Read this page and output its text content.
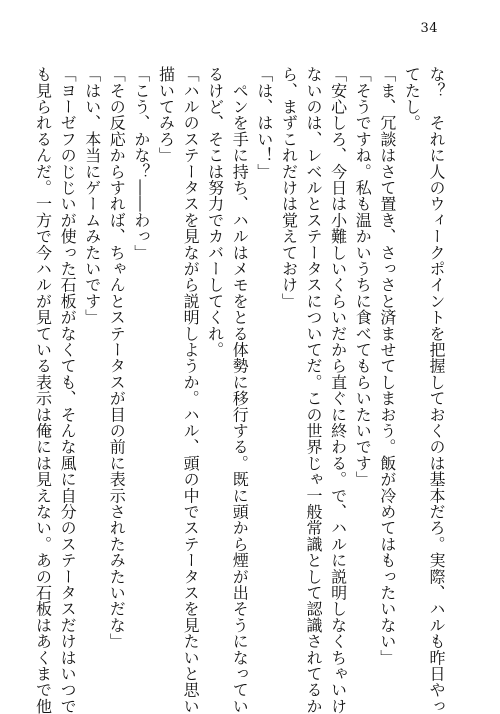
34
な？　それに人のウィークポイントを把握しておくのは基本だろ。実際、ハルも昨日やっ
てたし。
「ま、冗談はさて置き、さっさと済ませてしまおう。飯が冷めてはもったいない」
「そうですね。私も温かいうちに食べてもらいたいです」
「安心しろ、今日は小難しいくらいだから直ぐに終わる。で、ハルに説明しなくちゃいけ
ないのは、レベルとステータスについてだ。この世界じゃ一般常識として認識されてるか
ら、まずこれだけは覚えておけ」
「は、はい！」
　ペンを手に持ち、ハルはメモをとる体勢に移行する。既に頭から煙が出そうになってい
るけど、そこは努力でカバーしてくれ。
「ハルのステータスを見ながら説明しようか。ハル、頭の中でステータスを見たいと思い
描いてみろ」
「こう、かな？――わっ」
「その反応からすれば、ちゃんとステータスが目の前に表示されたみたいだな」
「はい、本当にゲームみたいです」
「ヨーゼフのじじいが使った石板がなくても、そんな風に自分のステータスだけはいつで
も見られるんだ。一方で今ハルが見ている表示は俺には見えない。あの石板はあくまで他
